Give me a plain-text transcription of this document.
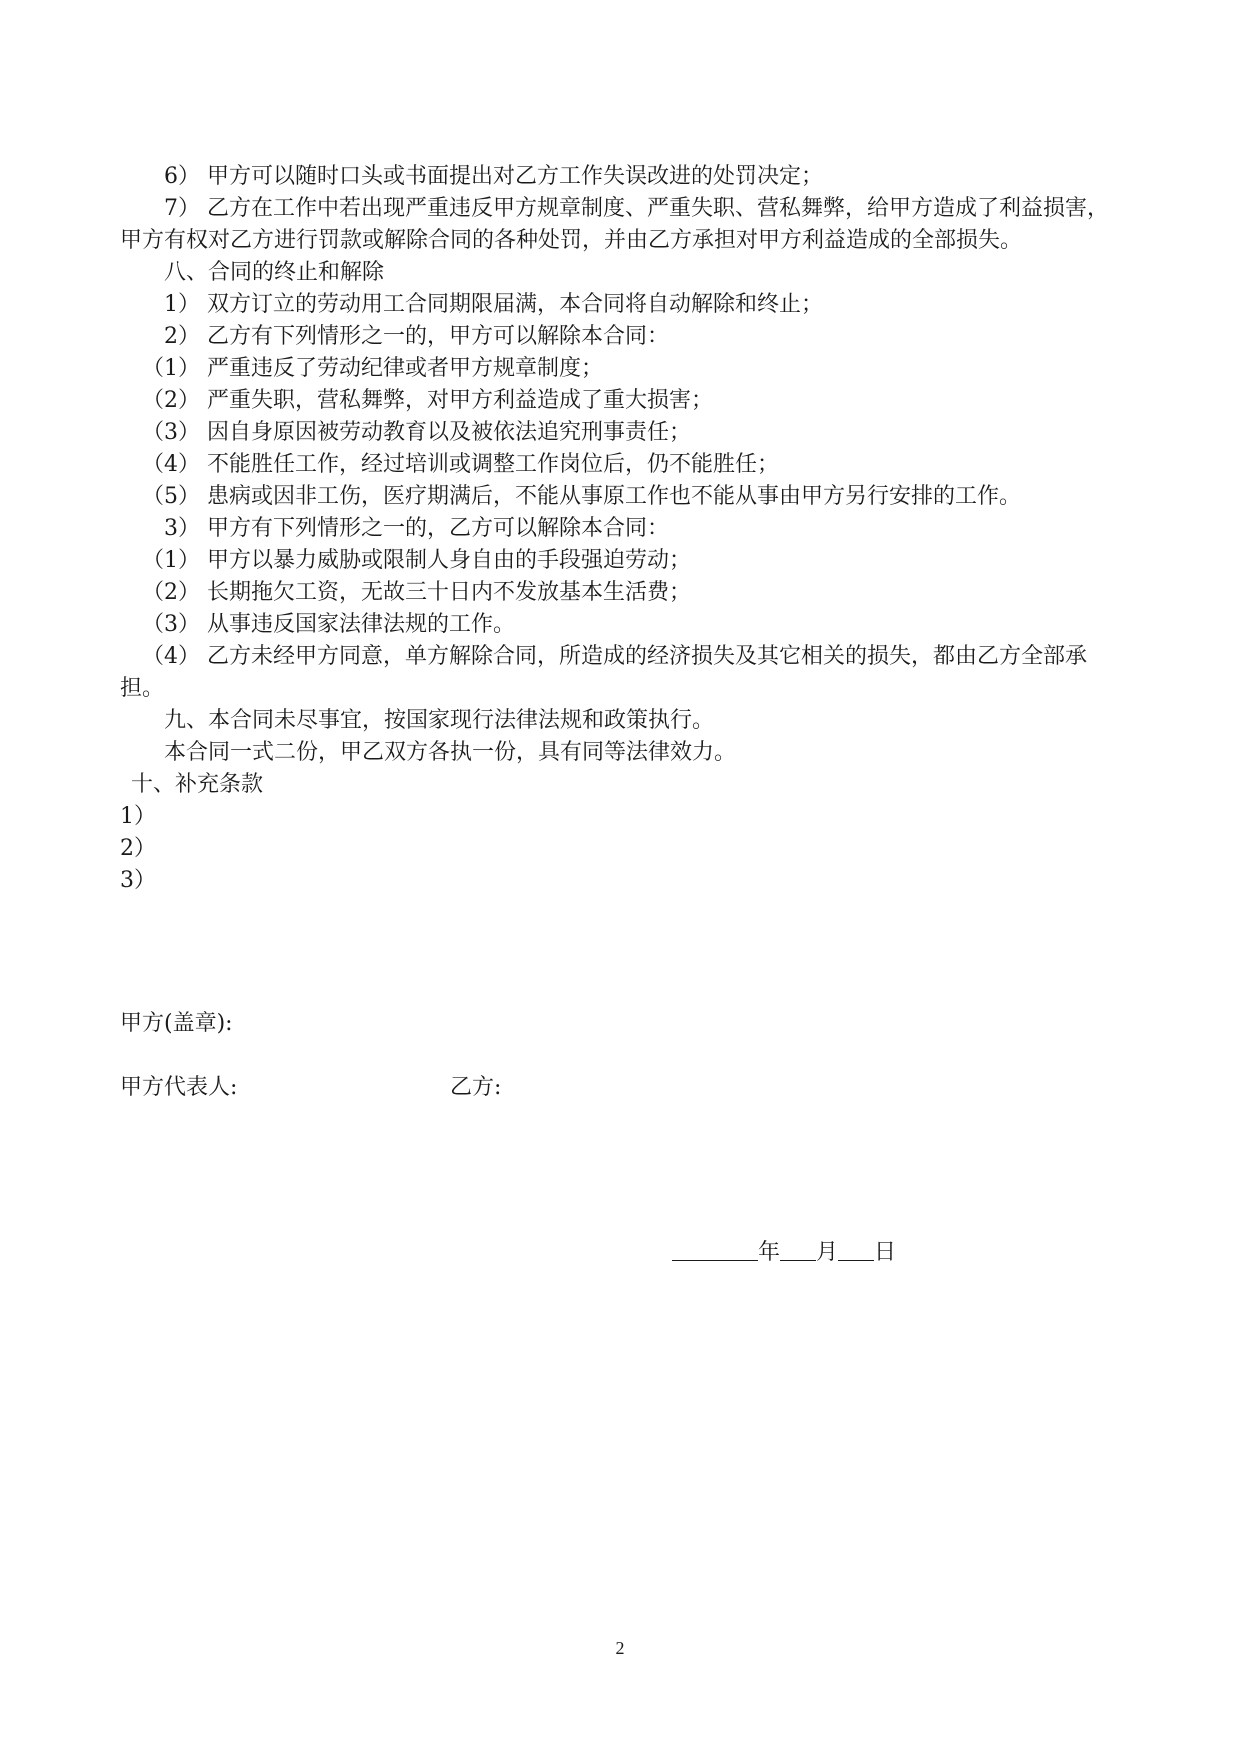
6） 甲方可以随时口头或书面提出对乙方工作失误改进的处罚决定；

7） 乙方在工作中若出现严重违反甲方规章制度、严重失职、营私舞弊，给甲方造成了利益损害，甲方有权对乙方进行罚款或解除合同的各种处罚，并由乙方承担对甲方利益造成的全部损失。

八、合同的终止和解除

1） 双方订立的劳动用工合同期限届满，本合同将自动解除和终止；

2） 乙方有下列情形之一的，甲方可以解除本合同：

（1） 严重违反了劳动纪律或者甲方规章制度；

（2） 严重失职，营私舞弊，对甲方利益造成了重大损害；

（3） 因自身原因被劳动教育以及被依法追究刑事责任；

（4） 不能胜任工作，经过培训或调整工作岗位后，仍不能胜任；

（5） 患病或因非工伤，医疗期满后，不能从事原工作也不能从事由甲方另行安排的工作。

3） 甲方有下列情形之一的，乙方可以解除本合同：

（1） 甲方以暴力威胁或限制人身自由的手段强迫劳动；

（2） 长期拖欠工资，无故三十日内不发放基本生活费；

（3） 从事违反国家法律法规的工作。

（4） 乙方未经甲方同意，单方解除合同，所造成的经济损失及其它相关的损失，都由乙方全部承担。

九、本合同未尽事宜，按国家现行法律法规和政策执行。

本合同一式二份，甲乙双方各执一份，具有同等法律效力。

十、补充条款

1）

2）

3）

甲方(盖章):
甲方代表人:	乙方:

年 月 日

2
